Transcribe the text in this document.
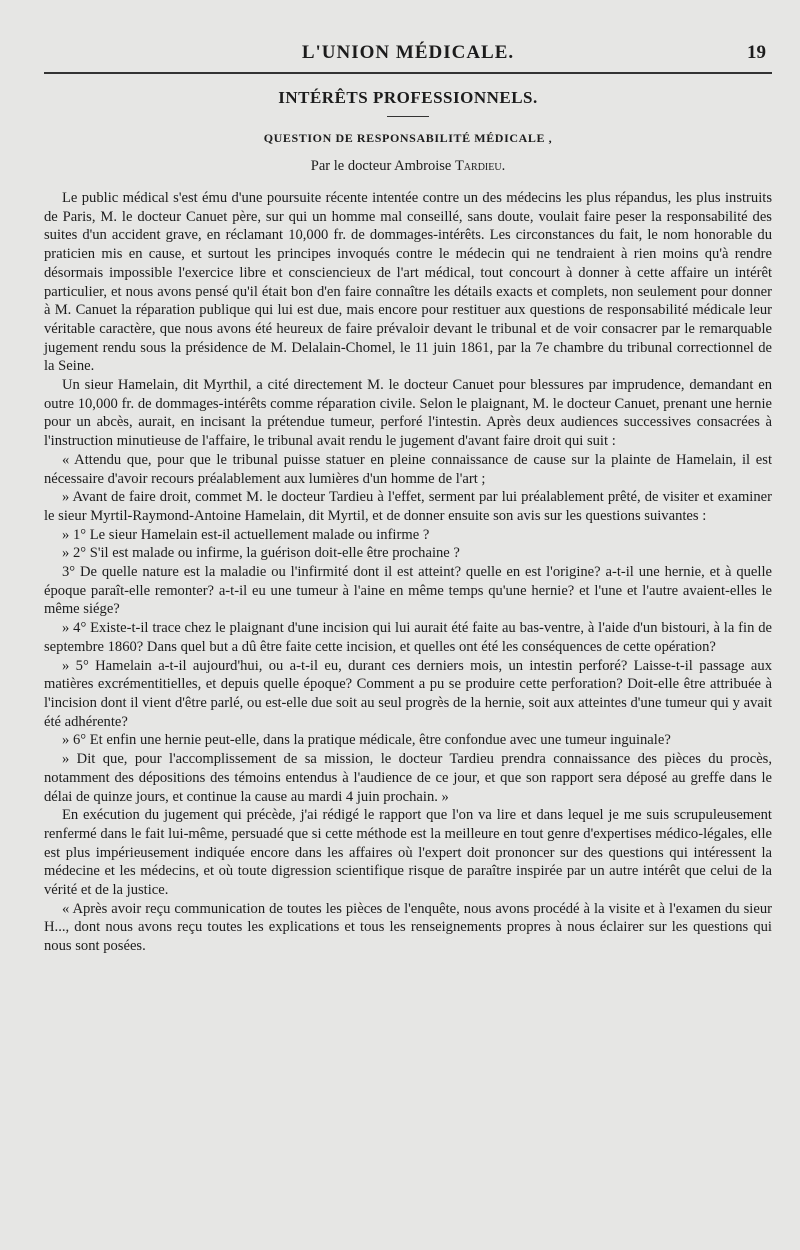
L'UNION MÉDICALE.	19
INTÉRÊTS PROFESSIONNELS.
QUESTION DE RESPONSABILITÉ MÉDICALE ,
Par le docteur Ambroise Tardieu.

Le public médical s'est ému d'une poursuite récente intentée contre un des médecins les plus répandus, les plus instruits de Paris, M. le docteur Canuet père, sur qui un homme mal conseillé, sans doute, voulait faire peser la responsabilité des suites d'un accident grave, en réclamant 10,000 fr. de dommages-intérêts. Les circonstances du fait, le nom honorable du praticien mis en cause, et surtout les principes invoqués contre le médecin qui ne tendraient à rien moins qu'à rendre désormais impossible l'exercice libre et consciencieux de l'art médical, tout concourt à donner à cette affaire un intérêt particulier, et nous avons pensé qu'il était bon d'en faire connaître les détails exacts et complets, non seulement pour donner à M. Canuet la réparation publique qui lui est due, mais encore pour restituer aux questions de responsabilité médicale leur véritable caractère, que nous avons été heureux de faire prévaloir devant le tribunal et de voir consacrer par le remarquable jugement rendu sous la présidence de M. Delalain-Chomel, le 11 juin 1861, par la 7e chambre du tribunal correctionnel de la Seine.

Un sieur Hamelain, dit Myrthil, a cité directement M. le docteur Canuet pour blessures par imprudence, demandant en outre 10,000 fr. de dommages-intérêts comme réparation civile. Selon le plaignant, M. le docteur Canuet, prenant une hernie pour un abcès, aurait, en incisant la prétendue tumeur, perforé l'intestin. Après deux audiences successives consacrées à l'instruction minutieuse de l'affaire, le tribunal avait rendu le jugement d'avant faire droit qui suit :

« Attendu que, pour que le tribunal puisse statuer en pleine connaissance de cause sur la plainte de Hamelain, il est nécessaire d'avoir recours préalablement aux lumières d'un homme de l'art ;

» Avant de faire droit, commet M. le docteur Tardieu à l'effet, serment par lui préalablement prêté, de visiter et examiner le sieur Myrtil-Raymond-Antoine Hamelain, dit Myrtil, et de donner ensuite son avis sur les questions suivantes :

» 1° Le sieur Hamelain est-il actuellement malade ou infirme ?

» 2° S'il est malade ou infirme, la guérison doit-elle être prochaine ?

3° De quelle nature est la maladie ou l'infirmité dont il est atteint? quelle en est l'origine? a-t-il une hernie, et à quelle époque paraît-elle remonter? a-t-il eu une tumeur à l'aine en même temps qu'une hernie? et l'une et l'autre avaient-elles le même siége?

» 4° Existe-t-il trace chez le plaignant d'une incision qui lui aurait été faite au bas-ventre, à l'aide d'un bistouri, à la fin de septembre 1860? Dans quel but a dû être faite cette incision, et quelles ont été les conséquences de cette opération?

» 5° Hamelain a-t-il aujourd'hui, ou a-t-il eu, durant ces derniers mois, un intestin perforé? Laisse-t-il passage aux matières excrémentitielles, et depuis quelle époque? Comment a pu se produire cette perforation? Doit-elle être attribuée à l'incision dont il vient d'être parlé, ou est-elle due soit au seul progrès de la hernie, soit aux atteintes d'une tumeur qui y avait été adhérente?

» 6° Et enfin une hernie peut-elle, dans la pratique médicale, être confondue avec une tumeur inguinale?

» Dit que, pour l'accomplissement de sa mission, le docteur Tardieu prendra connaissance des pièces du procès, notamment des dépositions des témoins entendus à l'audience de ce jour, et que son rapport sera déposé au greffe dans le délai de quinze jours, et continue la cause au mardi 4 juin prochain. »

En exécution du jugement qui précède, j'ai rédigé le rapport que l'on va lire et dans lequel je me suis scrupuleusement renfermé dans le fait lui-même, persuadé que si cette méthode est la meilleure en tout genre d'expertises médico-légales, elle est plus impérieusement indiquée encore dans les affaires où l'expert doit prononcer sur des questions qui intéressent la médecine et les médecins, et où toute digression scientifique risque de paraître inspirée par un autre intérêt que celui de la vérité et de la justice.

« Après avoir reçu communication de toutes les pièces de l'enquête, nous avons procédé à la visite et à l'examen du sieur H..., dont nous avons reçu toutes les explications et tous les renseignements propres à nous éclairer sur les questions qui nous sont posées.
